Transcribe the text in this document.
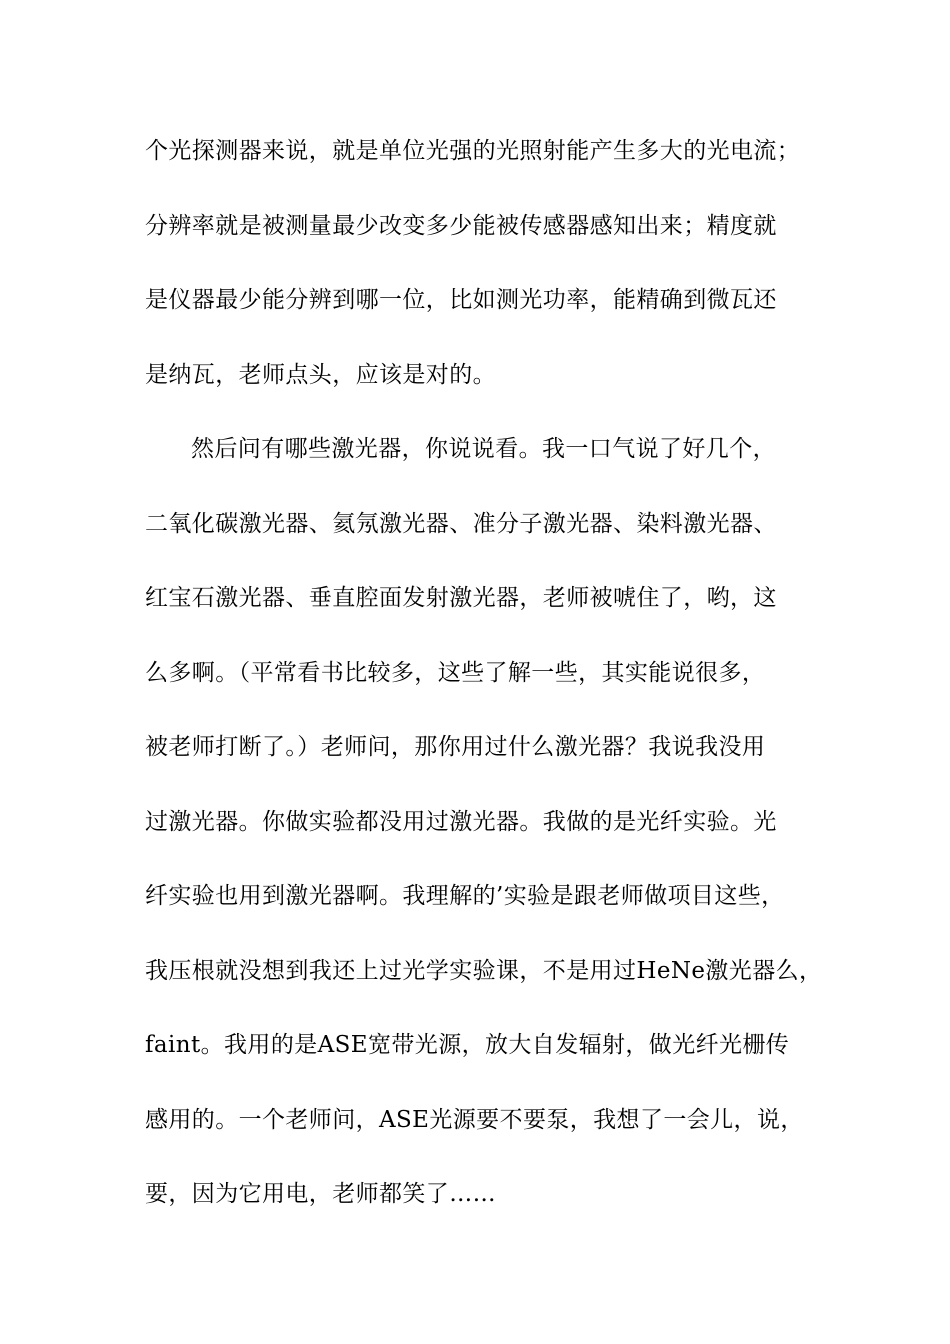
个光探测器来说，就是单位光强的光照射能产生多大的光电流；
分辨率就是被测量最少改变多少能被传感器感知出来；精度就
是仪器最少能分辨到哪一位，比如测光功率，能精确到微瓦还
是纳瓦，老师点头，应该是对的。
然后问有哪些激光器，你说说看。我一口气说了好几个，
二氧化碳激光器、氦氖激光器、准分子激光器、染料激光器、
红宝石激光器、垂直腔面发射激光器，老师被唬住了，哟，这
么多啊。（平常看书比较多，这些了解一些，其实能说很多，
被老师打断了。）老师问，那你用过什么激光器？我说我没用
过激光器。你做实验都没用过激光器。我做的是光纤实验。光
纤实验也用到激光器啊。我理解的’实验是跟老师做项目这些，
我压根就没想到我还上过光学实验课，不是用过HeNe激光器么，
faint。我用的是ASE宽带光源，放大自发辐射，做光纤光栅传
感用的。一个老师问，ASE光源要不要泵，我想了一会儿，说，
要，因为它用电，老师都笑了……
